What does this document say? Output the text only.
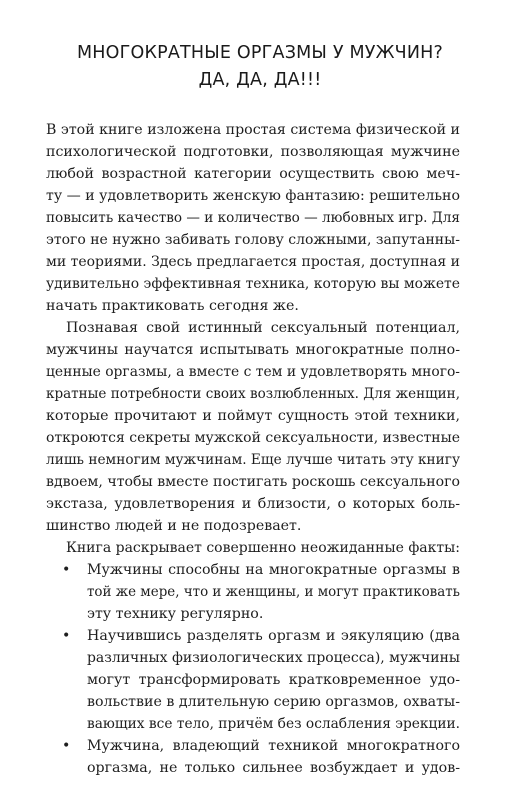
МНОГОКРАТНЫЕ ОРГАЗМЫ У МУЖЧИН?
ДА, ДА, ДА!!!
В этой книге изложена простая система физической и
психологической подготовки, позволяющая мужчине
любой возрастной категории осуществить свою меч-
ту — и удовлетворить женскую фантазию: решительно
повысить качество — и количество — любовных игр. Для
этого не нужно забивать голову сложными, запутанны-
ми теориями. Здесь предлагается простая, доступная и
удивительно эффективная техника, которую вы можете
начать практиковать сегодня же.
Познавая свой истинный сексуальный потенциал,
мужчины научатся испытывать многократные полно-
ценные оргазмы, а вместе с тем и удовлетворять много-
кратные потребности своих возлюбленных. Для женщин,
которые прочитают и поймут сущность этой техники,
откроются секреты мужской сексуальности, известные
лишь немногим мужчинам. Еще лучше читать эту книгу
вдвоем, чтобы вместе постигать роскошь сексуального
экстаза, удовлетворения и близости, о которых боль-
шинство людей и не подозревает.
Книга раскрывает совершенно неожиданные факты:
• Мужчины способны на многократные оргазмы в
той же мере, что и женщины, и могут практиковать
эту технику регулярно.
• Научившись разделять оргазм и эякуляцию (два
различных физиологических процесса), мужчины
могут трансформировать кратковременное удо-
вольствие в длительную серию оргазмов, охваты-
вающих все тело, причём без ослабления эрекции.
• Мужчина, владеющий техникой многократного
оргазма, не только сильнее возбуждает и удов-
